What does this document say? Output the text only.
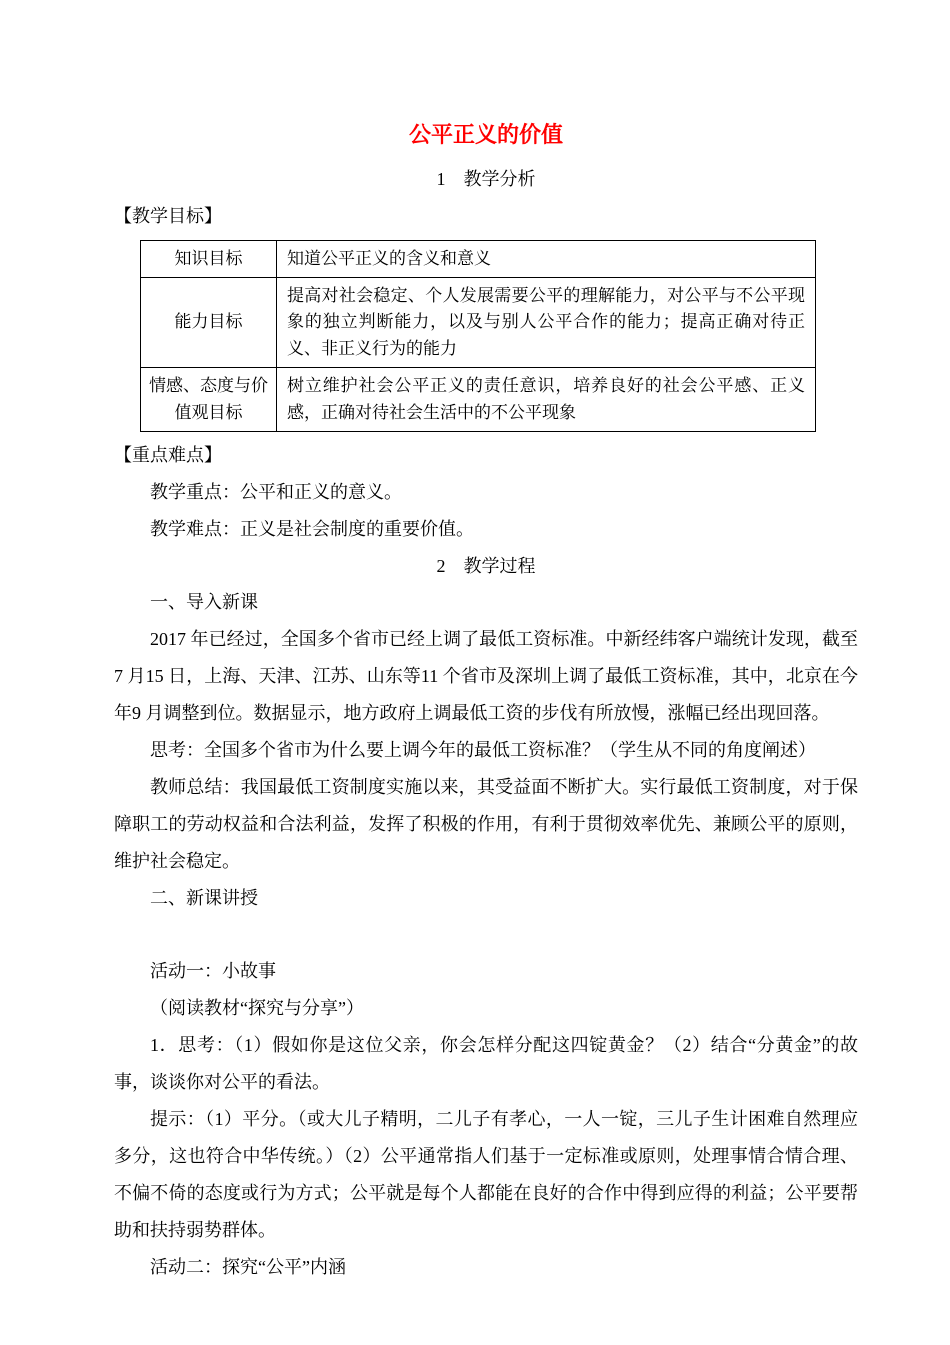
公平正义的价值
1　教学分析
【教学目标】
知识目标	知道公平正义的含义和意义
能力目标	提高对社会稳定、个人发展需要公平的理解能力，对公平与不公平现象的独立判断能力，以及与别人公平合作的能力；提高正确对待正义、非正义行为的能力
情感、态度与价值观目标	树立维护社会公平正义的责任意识，培养良好的社会公平感、正义感，正确对待社会生活中的不公平现象
【重点难点】

教学重点：公平和正义的意义。

教学难点：正义是社会制度的重要价值。

2　教学过程

一、导入新课

2017 年已经过，全国多个省市已经上调了最低工资标准。中新经纬客户端统计发现，截至7 月15 日，上海、天津、江苏、山东等11 个省市及深圳上调了最低工资标准，其中，北京在今年9 月调整到位。数据显示，地方政府上调最低工资的步伐有所放慢，涨幅已经出现回落。

思考：全国多个省市为什么要上调今年的最低工资标准？（学生从不同的角度阐述）

教师总结：我国最低工资制度实施以来，其受益面不断扩大。实行最低工资制度，对于保障职工的劳动权益和合法利益，发挥了积极的作用，有利于贯彻效率优先、兼顾公平的原则，维护社会稳定。

二、新课讲授

活动一：小故事

（阅读教材“探究与分享”）

1．思考：（1）假如你是这位父亲，你会怎样分配这四锭黄金？（2）结合“分黄金”的故事，谈谈你对公平的看法。

提示：（1）平分。（或大儿子精明，二儿子有孝心，一人一锭，三儿子生计困难自然理应多分，这也符合中华传统。）（2）公平通常指人们基于一定标准或原则，处理事情合情合理、不偏不倚的态度或行为方式；公平就是每个人都能在良好的合作中得到应得的利益；公平要帮助和扶持弱势群体。

活动二：探究“公平”内涵
